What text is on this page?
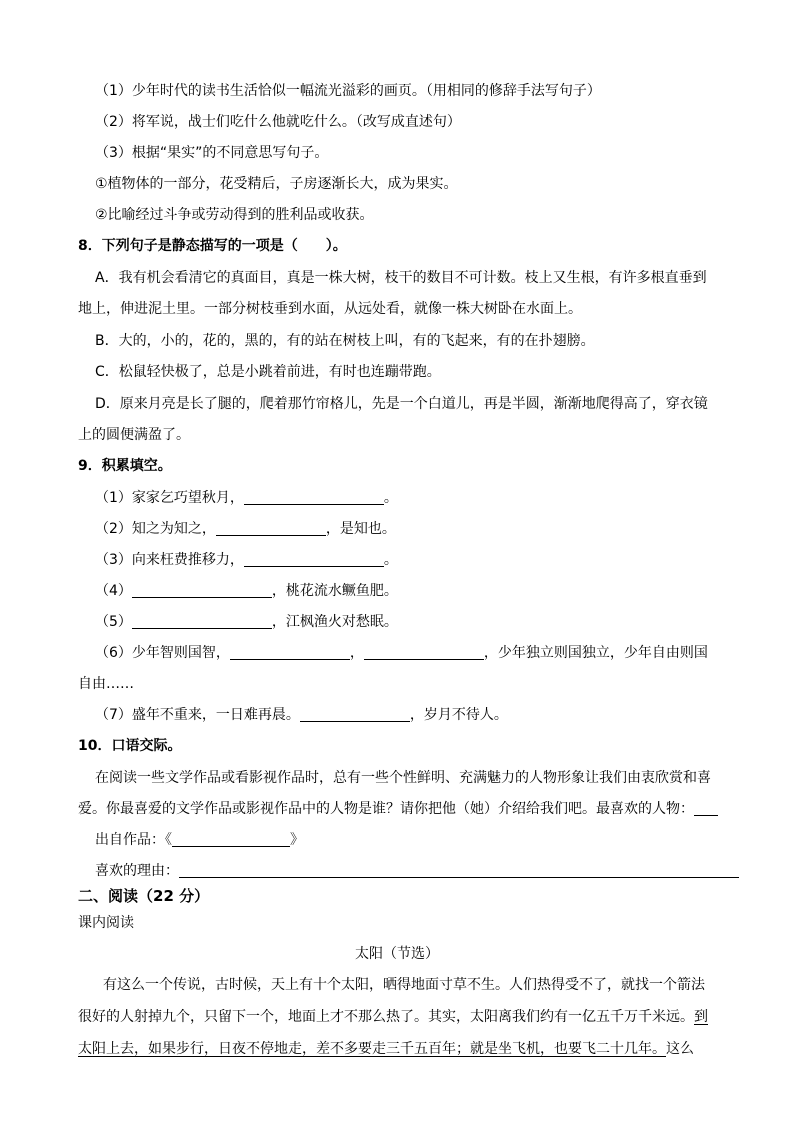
（1）少年时代的读书生活恰似一幅流光溢彩的画页。（用相同的修辞手法写句子）
（2）将军说，战士们吃什么他就吃什么。（改写成直述句）
（3）根据“果实”的不同意思写句子。
①植物体的一部分，花受精后，子房逐渐长大，成为果实。
②比喻经过斗争或劳动得到的胜利品或收获。
8．下列句子是静态描写的一项是（　　）。
A．我有机会看清它的真面目，真是一株大树，枝干的数目不可计数。枝上又生根，有许多根直垂到
地上，伸进泥土里。一部分树枝垂到水面，从远处看，就像一株大树卧在水面上。
B．大的，小的，花的，黑的，有的站在树枝上叫，有的飞起来，有的在扑翅膀。
C．松鼠轻快极了，总是小跳着前进，有时也连蹦带跑。
D．原来月亮是长了腿的，爬着那竹帘格儿，先是一个白道儿，再是半圆，渐渐地爬得高了，穿衣镜
上的圆便满盈了。
9．积累填空。
（1）家家乞巧望秋月，	。
（2）知之为知之，	，是知也。
（3）向来枉费推移力，	。
（4）	，桃花流水鳜鱼肥。
（5）	，江枫渔火对愁眠。
（6）少年智则国智，	，	，少年独立则国独立，少年自由则国
自由……
（7）盛年不重来，一日难再晨。	，岁月不待人。
10．口语交际。
在阅读一些文学作品或看影视作品时，总有一些个性鲜明、充满魅力的人物形象让我们由衷欣赏和喜
爱。你最喜爱的文学作品或影视作品中的人物是谁？请你把他（她）介绍给我们吧。最喜欢的人物：
出自作品：《	》
喜欢的理由：
二、阅读（22 分）
课内阅读
太阳（节选）
有这么一个传说，古时候，天上有十个太阳，晒得地面寸草不生。人们热得受不了，就找一个箭法
很好的人射掉九个，只留下一个，地面上才不那么热了。其实，太阳离我们约有一亿五千万千米远。到
太阳上去，如果步行，日夜不停地走，差不多要走三千五百年；就是坐飞机，也要飞二十几年。这么
